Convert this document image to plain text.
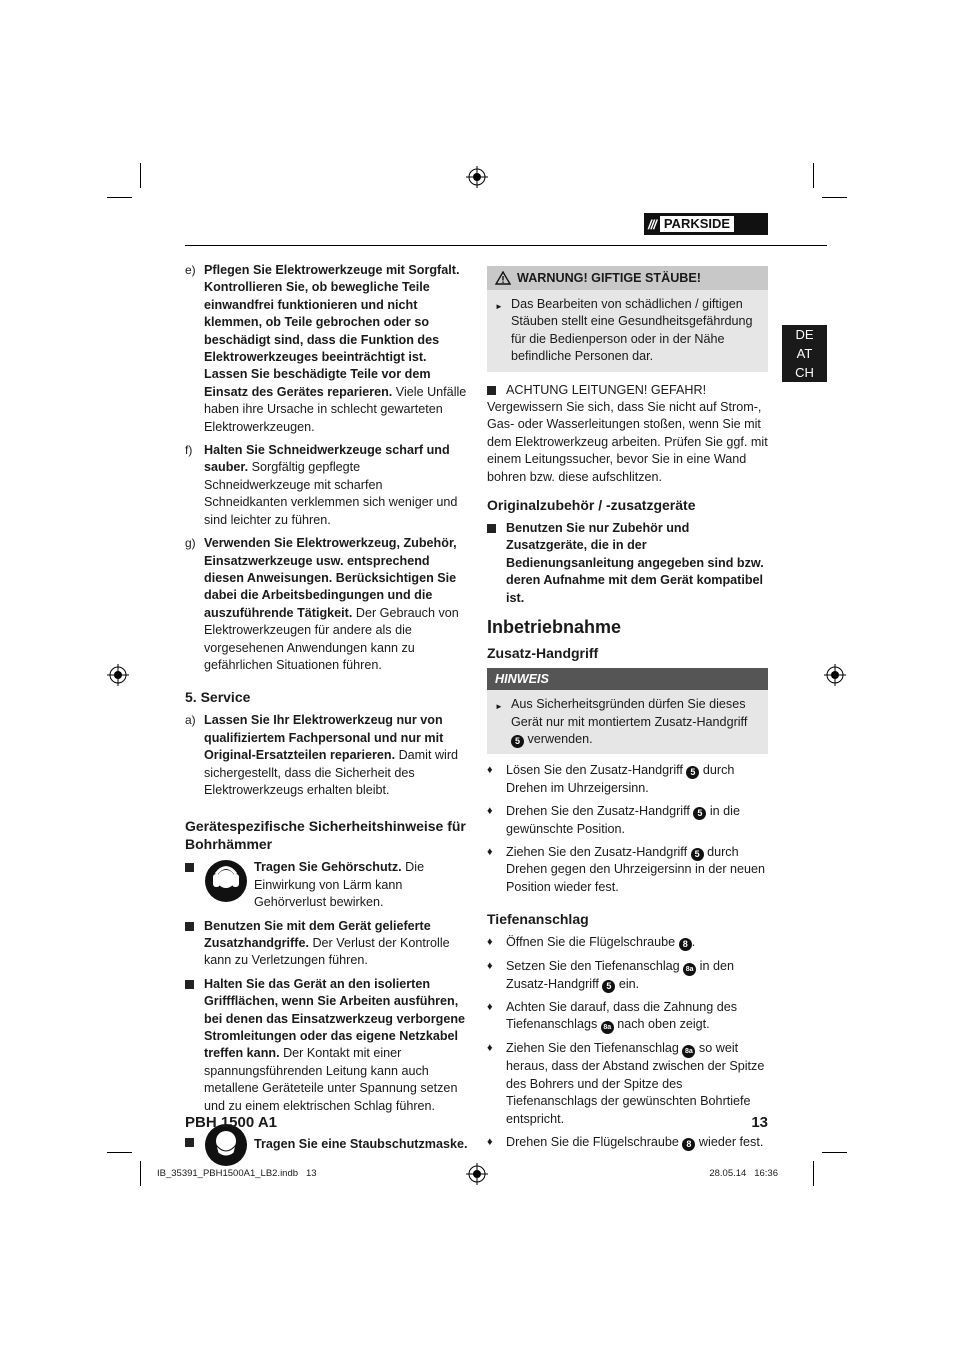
/// PARKSIDE
DE
AT
CH
e) Pflegen Sie Elektrowerkzeuge mit Sorgfalt. Kontrollieren Sie, ob bewegliche Teile einwandfrei funktionieren und nicht klemmen, ob Teile gebrochen oder so beschädigt sind, dass die Funktion des Elektrowerkzeuges beeinträchtigt ist. Lassen Sie beschädigte Teile vor dem Einsatz des Gerätes reparieren. Viele Unfälle haben ihre Ursache in schlecht gewarteten Elektrowerkzeugen.
f) Halten Sie Schneidwerkzeuge scharf und sauber. Sorgfältig gepflegte Schneidwerkzeuge mit scharfen Schneidkanten verklemmen sich weniger und sind leichter zu führen.
g) Verwenden Sie Elektrowerkzeug, Zubehör, Einsatzwerkzeuge usw. entsprechend diesen Anweisungen. Berücksichtigen Sie dabei die Arbeitsbedingungen und die auszuführende Tätigkeit. Der Gebrauch von Elektrowerkzeugen für andere als die vorgesehenen Anwendungen kann zu gefährlichen Situationen führen.
5. Service
a) Lassen Sie Ihr Elektrowerkzeug nur von qualifiziertem Fachpersonal und nur mit Original-Ersatzteilen reparieren. Damit wird sichergestellt, dass die Sicherheit des Elektrowerkzeugs erhalten bleibt.
Gerätespezifische Sicherheitshinweise für Bohrhämmer
Tragen Sie Gehörschutz. Die Einwirkung von Lärm kann Gehörverlust bewirken.
Benutzen Sie mit dem Gerät gelieferte Zusatzhandgriffe. Der Verlust der Kontrolle kann zu Verletzungen führen.
Halten Sie das Gerät an den isolierten Griffflächen, wenn Sie Arbeiten ausführen, bei denen das Einsatzwerkzeug verborgene Stromleitungen oder das eigene Netzkabel treffen kann. Der Kontakt mit einer spannungsführenden Leitung kann auch metallene Geräteteile unter Spannung setzen und zu einem elektrischen Schlag führen.
Tragen Sie eine Staubschutzmaske.
WARNUNG! GIFTIGE STÄUBE!
► Das Bearbeiten von schädlichen / giftigen Stäuben stellt eine Gesundheitsgefährdung für die Bedienperson oder in der Nähe befindliche Personen dar.
ACHTUNG LEITUNGEN! GEFAHR!

Vergewissern Sie sich, dass Sie nicht auf Strom-, Gas- oder Wasserleitungen stoßen, wenn Sie mit dem Elektrowerkzeug arbeiten. Prüfen Sie ggf. mit einem Leitungssucher, bevor Sie in eine Wand bohren bzw. diese aufschlitzen.
Originalzubehör / -zusatzgeräte
Benutzen Sie nur Zubehör und Zusatzgeräte, die in der Bedienungsanleitung angegeben sind bzw. deren Aufnahme mit dem Gerät kompatibel ist.
Inbetriebnahme
Zusatz-Handgriff
HINWEIS
► Aus Sicherheitsgründen dürfen Sie dieses Gerät nur mit montiertem Zusatz-Handgriff 5 verwenden.
♦ Lösen Sie den Zusatz-Handgriff 5 durch Drehen im Uhrzeigersinn.
♦ Drehen Sie den Zusatz-Handgriff 5 in die gewünschte Position.
♦ Ziehen Sie den Zusatz-Handgriff 5 durch Drehen gegen den Uhrzeigersinn in der neuen Position wieder fest.
Tiefenanschlag
♦ Öffnen Sie die Flügelschraube 8 .
♦ Setzen Sie den Tiefenanschlag 8a in den Zusatz-Handgriff 5 ein.
♦ Achten Sie darauf, dass die Zahnung des Tiefenanschlags 8a nach oben zeigt.
♦ Ziehen Sie den Tiefenanschlag 8a so weit heraus, dass der Abstand zwischen der Spitze des Bohrers und der Spitze des Tiefenanschlags der gewünschten Bohrtiefe entspricht.
♦ Drehen Sie die Flügelschraube 8 wieder fest.
PBH 1500 A1	13
IB_35391_PBH1500A1_LB2.indb   13	28.05.14   16:36
